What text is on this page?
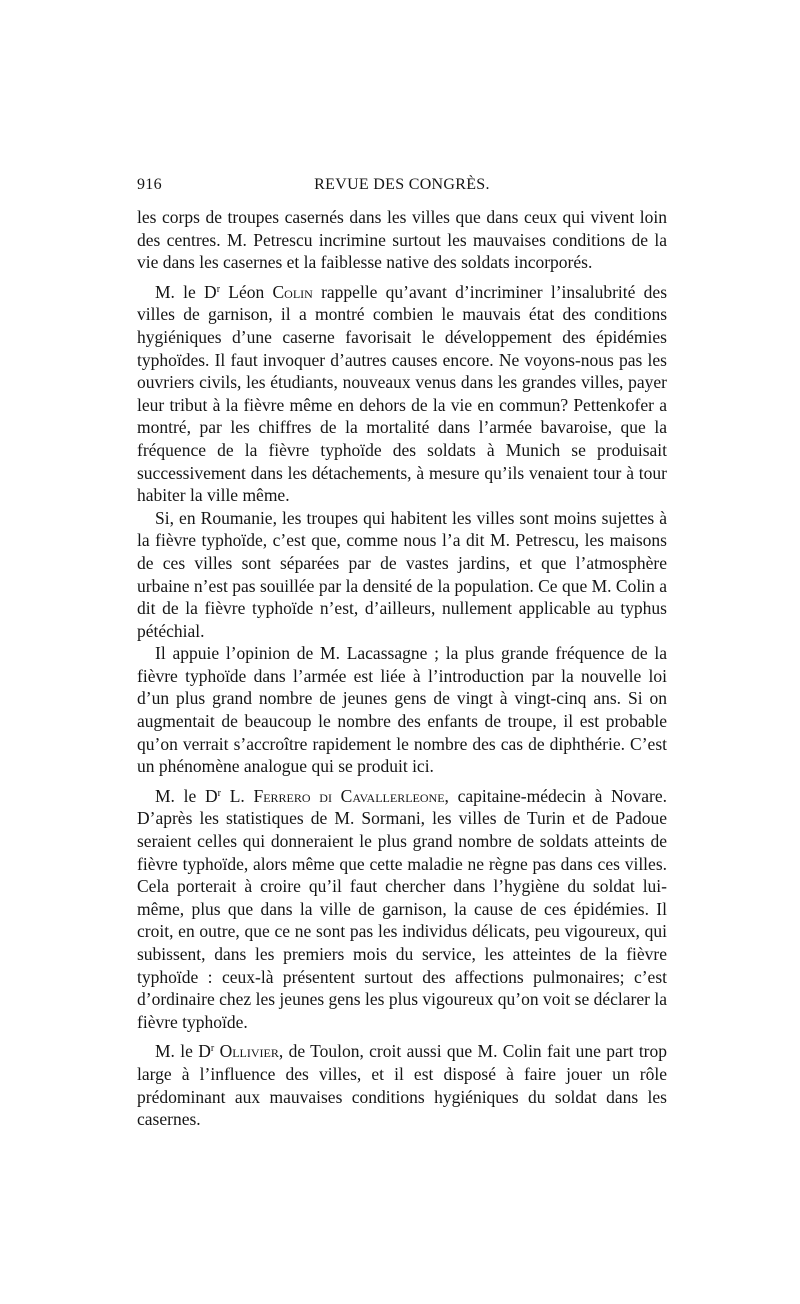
916	REVUE DES CONGRÈS.

les corps de troupes casernés dans les villes que dans ceux qui vivent loin des centres. M. Petrescu incrimine surtout les mauvaises conditions de la vie dans les casernes et la faiblesse native des soldats incorporés.

M. le $D^r$ Léon Colin rappelle qu’avant d’incriminer l’insalubrité des villes de garnison, il a montré combien le mauvais état des conditions hygiéniques d’une caserne favorisait le développement des épidémies typhoïdes. Il faut invoquer d’autres causes encore. Ne voyons-nous pas les ouvriers civils, les étudiants, nouveaux venus dans les grandes villes, payer leur tribut à la fièvre même en dehors de la vie en commun? Pettenkofer a montré, par les chiffres de la mortalité dans l’armée bavaroise, que la fréquence de la fièvre typhoïde des soldats à Munich se produisait successivement dans les détachements, à mesure qu’ils venaient tour à tour habiter la ville même.

Si, en Roumanie, les troupes qui habitent les villes sont moins sujettes à la fièvre typhoïde, c’est que, comme nous l’a dit M. Petrescu, les maisons de ces villes sont séparées par de vastes jardins, et que l’atmosphère urbaine n’est pas souillée par la densité de la population. Ce que M. Colin a dit de la fièvre typhoïde n’est, d’ailleurs, nullement applicable au typhus pétéchial.

Il appuie l’opinion de M. Lacassagne ; la plus grande fréquence de la fièvre typhoïde dans l’armée est liée à l’introduction par la nouvelle loi d’un plus grand nombre de jeunes gens de vingt à vingt-cinq ans. Si on augmentait de beaucoup le nombre des enfants de troupe, il est probable qu’on verrait s’accroître rapidement le nombre des cas de diphthérie. C’est un phénomène analogue qui se produit ici.

M. le $D^r$ L. Ferrero di Cavallerleone, capitaine-médecin à Novare. D’après les statistiques de M. Sormani, les villes de Turin et de Padoue seraient celles qui donneraient le plus grand nombre de soldats atteints de fièvre typhoïde, alors même que cette maladie ne règne pas dans ces villes. Cela porterait à croire qu’il faut chercher dans l’hygiène du soldat lui-même, plus que dans la ville de garnison, la cause de ces épidémies. Il croit, en outre, que ce ne sont pas les individus délicats, peu vigoureux, qui subissent, dans les premiers mois du service, les atteintes de la fièvre typhoïde : ceux-là présentent surtout des affections pulmonaires; c’est d’ordinaire chez les jeunes gens les plus vigoureux qu’on voit se déclarer la fièvre typhoïde.

M. le $D^r$ Ollivier, de Toulon, croit aussi que M. Colin fait une part trop large à l’influence des villes, et il est disposé à faire jouer un rôle prédominant aux mauvaises conditions hygiéniques du soldat dans les casernes.
